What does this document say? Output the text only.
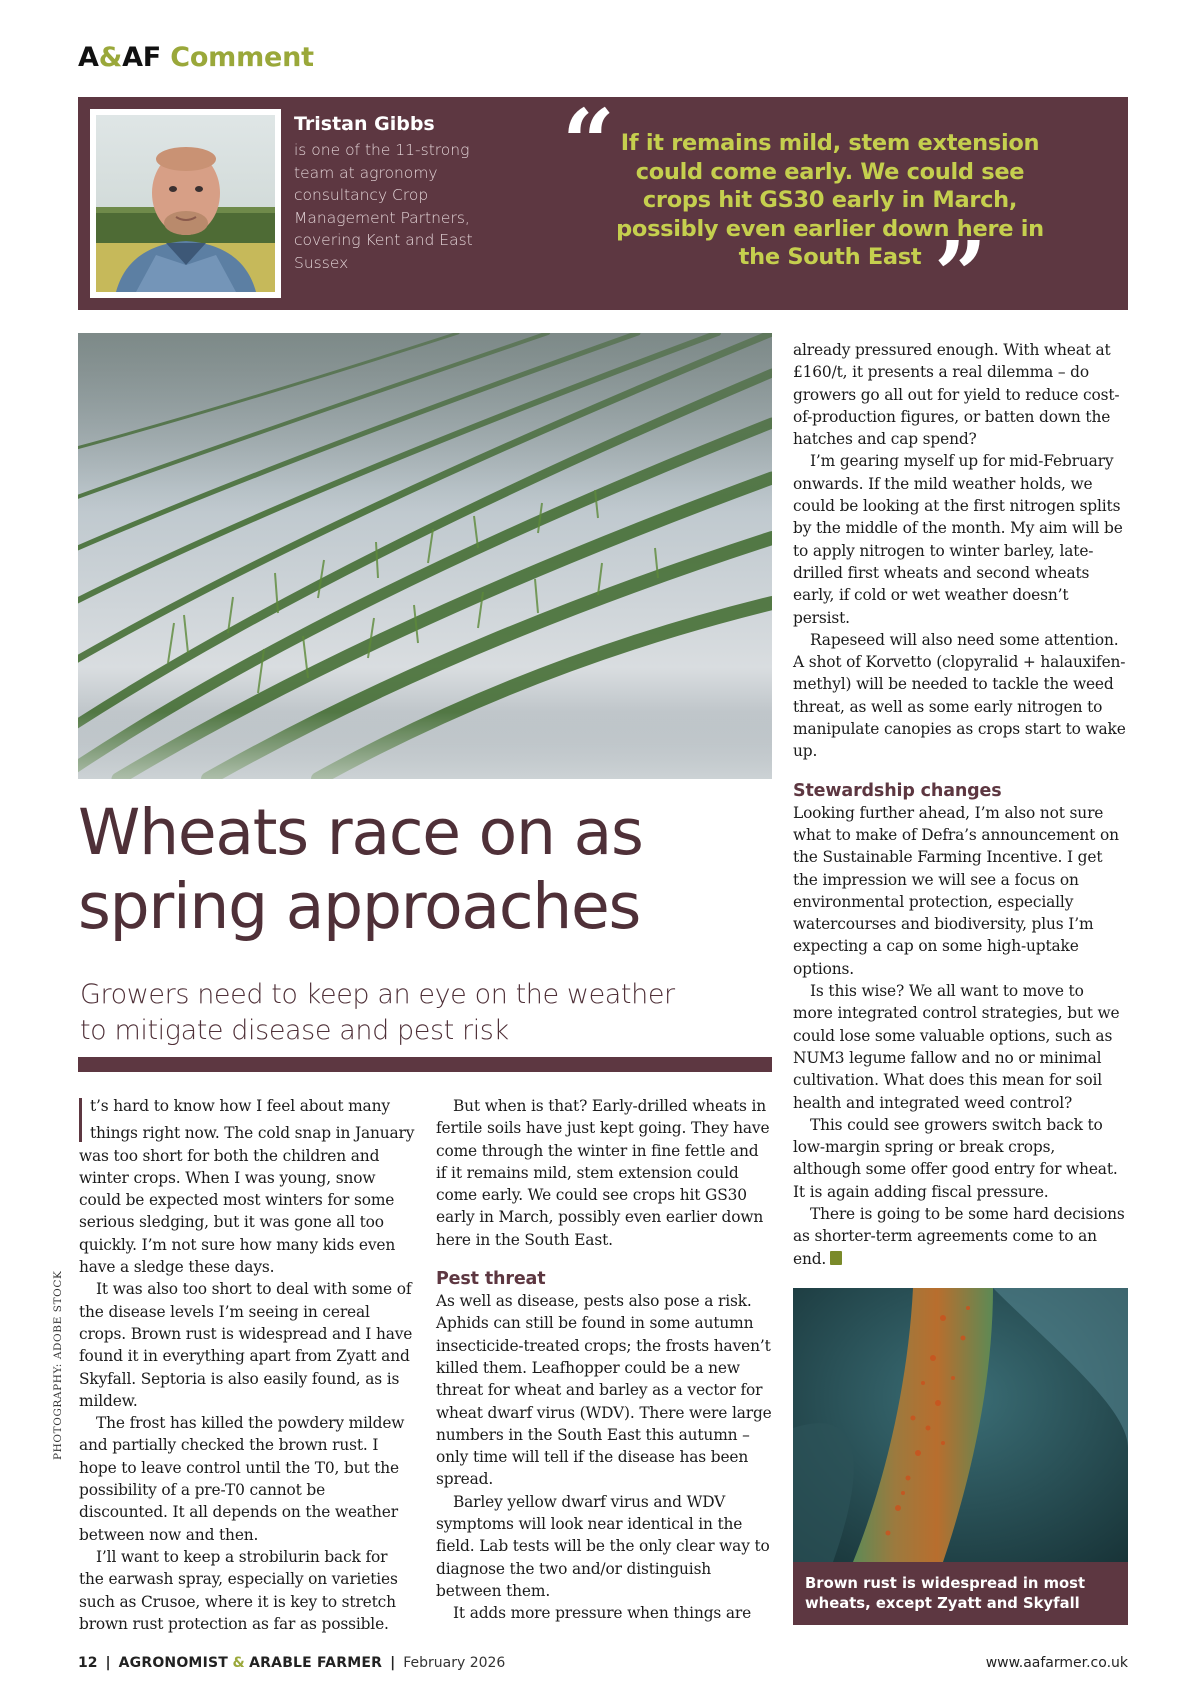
A&AF Comment
Tristan Gibbs
is one of the 11-strong team at agronomy consultancy Crop Management Partners, covering Kent and East Sussex
“ If it remains mild, stem extension could come early. We could see crops hit GS30 early in March, possibly even earlier down here in the South East ”
Wheats race on as
spring approaches
Growers need to keep an eye on the weather
to mitigate disease and pest risk

t’s hard to know how I feel about many things right now. The cold snap in January was too short for both the children and winter crops. When I was young, snow could be expected most winters for some serious sledging, but it was gone all too quickly. I’m not sure how many kids even have a sledge these days.

It was also too short to deal with some of the disease levels I’m seeing in cereal crops. Brown rust is widespread and I have found it in everything apart from Zyatt and Skyfall. Septoria is also easily found, as is mildew.

The frost has killed the powdery mildew and partially checked the brown rust. I hope to leave control until the T0, but the possibility of a pre-T0 cannot be discounted. It all depends on the weather between now and then.

I’ll want to keep a strobilurin back for the earwash spray, especially on varieties such as Crusoe, where it is key to stretch brown rust protection as far as possible.

But when is that? Early-drilled wheats in fertile soils have just kept going. They have come through the winter in fine fettle and if it remains mild, stem extension could come early. We could see crops hit GS30 early in March, possibly even earlier down here in the South East.

Pest threat

As well as disease, pests also pose a risk. Aphids can still be found in some autumn insecticide-treated crops; the frosts haven’t killed them. Leafhopper could be a new threat for wheat and barley as a vector for wheat dwarf virus (WDV). There were large numbers in the South East this autumn – only time will tell if the disease has been spread.

Barley yellow dwarf virus and WDV symptoms will look near identical in the field. Lab tests will be the only clear way to diagnose the two and/or distinguish between them.

It adds more pressure when things are

already pressured enough. With wheat at £160/t, it presents a real dilemma – do growers go all out for yield to reduce cost-of-production figures, or batten down the hatches and cap spend?

I’m gearing myself up for mid-February onwards. If the mild weather holds, we could be looking at the first nitrogen splits by the middle of the month. My aim will be to apply nitrogen to winter barley, late-drilled first wheats and second wheats early, if cold or wet weather doesn’t persist.

Rapeseed will also need some attention. A shot of Korvetto (clopyralid + halauxifen-methyl) will be needed to tackle the weed threat, as well as some early nitrogen to manipulate canopies as crops start to wake up.

Stewardship changes

Looking further ahead, I’m also not sure what to make of Defra’s announcement on the Sustainable Farming Incentive. I get the impression we will see a focus on environmental protection, especially watercourses and biodiversity, plus I’m expecting a cap on some high-uptake options.

Is this wise? We all want to move to more integrated control strategies, but we could lose some valuable options, such as NUM3 legume fallow and no or minimal cultivation. What does this mean for soil health and integrated weed control?

This could see growers switch back to low-margin spring or break crops, although some offer good entry for wheat. It is again adding fiscal pressure.

There is going to be some hard decisions as shorter-term agreements come to an end.

Brown rust is widespread in most wheats, except Zyatt and Skyfall
PHOTOGRAPHY: ADOBE STOCK
12 | AGRONOMIST & ARABLE FARMER | February 2026	www.aafarmer.co.uk
